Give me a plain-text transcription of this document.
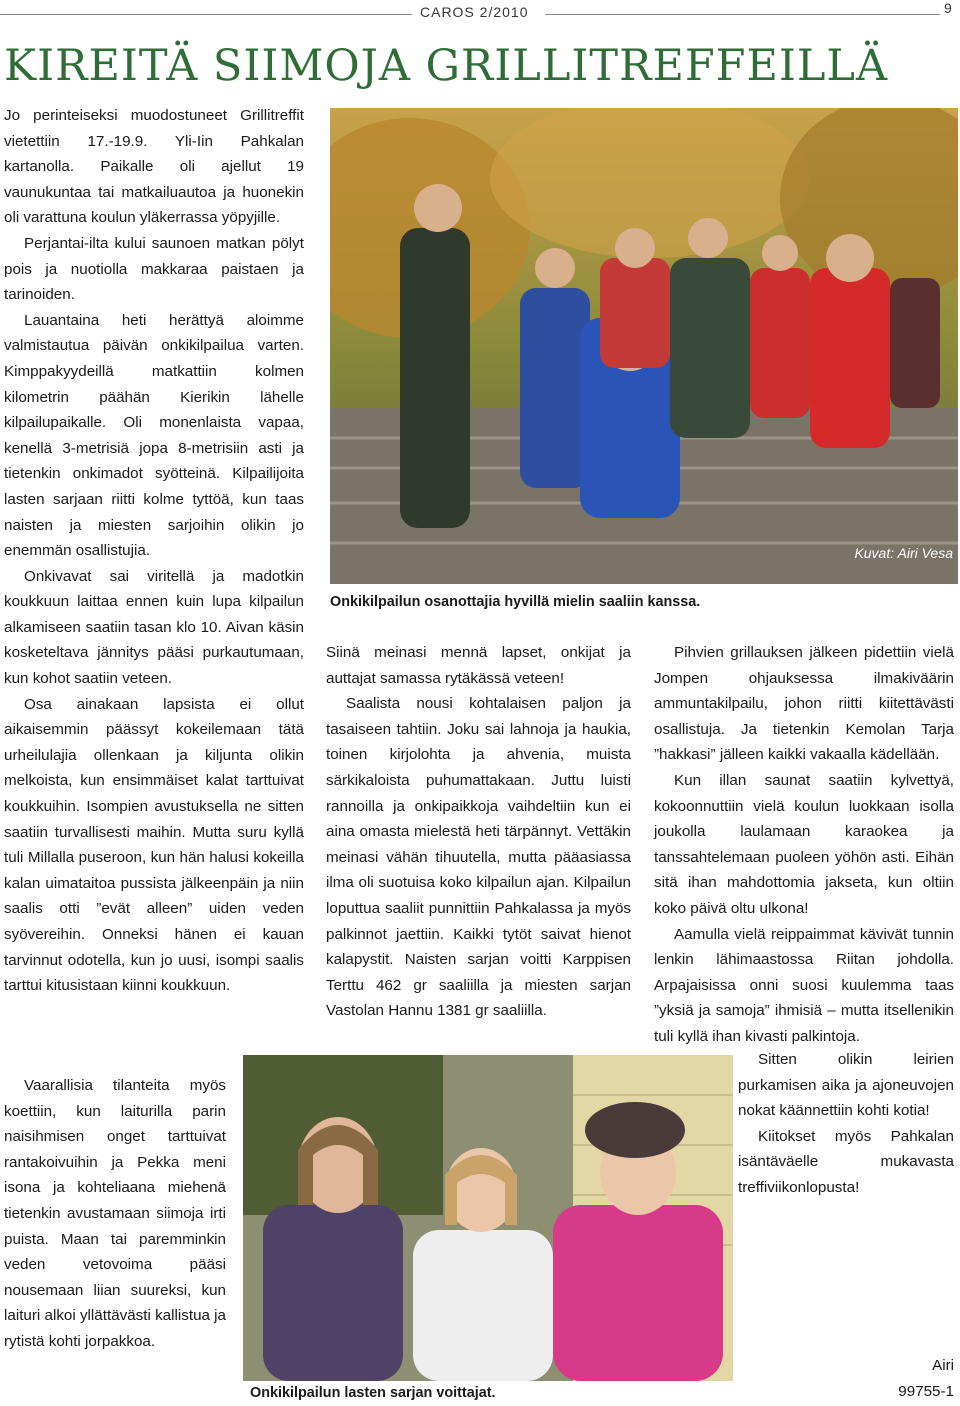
CAROS 2/2010	9
KIREITÄ SIIMOJA GRILLITREFFEILLÄ

Jo perinteiseksi muodostuneet Grillitreffit vietettiin 17.-19.9. Yli-Iin Pahkalan kartanolla. Paikalle oli ajellut 19 vaunukuntaa tai matkailuautoa ja huonekin oli varattuna koulun yläkerrassa yöpyjille.

Perjantai-ilta kului saunoen matkan pölyt pois ja nuotiolla makkaraa paistaen ja tarinoiden.

Lauantaina heti herättyä aloimme valmistautua päivän onkikilpailua varten. Kimppakyydeillä matkattiin kolmen kilometrin päähän Kierikin lähelle kilpailupaikalle. Oli monenlaista vapaa, kenellä 3-metrisiä jopa 8-metrisiin asti ja tietenkin onkimadot syötteinä. Kilpailijoita lasten sarjaan riitti kolme tyttöä, kun taas naisten ja miesten sarjoihin olikin jo enemmän osallistujia.

Onkivavat sai viritellä ja madotkin koukkuun laittaa ennen kuin lupa kilpailun alkamiseen saatiin tasan klo 10. Aivan käsin kosketeltava jännitys pääsi purkautumaan, kun kohot saatiin veteen.

Osa ainakaan lapsista ei ollut aikaisemmin päässyt kokeilemaan tätä urheilulajia ollenkaan ja kiljunta olikin melkoista, kun ensimmäiset kalat tarttuivat koukkuihin. Isompien avustuksella ne sitten saatiin turvallisesti maihin. Mutta suru kyllä tuli Millalla puseroon, kun hän halusi kokeilla kalan uimataitoa pussista jälkeenpäin ja niin saalis otti ”evät alleen” uiden veden syövereihin. Onneksi hänen ei kauan tarvinnut odotella, kun jo uusi, isompi saalis tarttui kitusistaan kiinni koukkuun.

Vaarallisia tilanteita myös koettiin, kun laiturilla parin naisihmisen onget tarttuivat rantakoivuihin ja Pekka meni isona ja kohteliaana miehenä tietenkin avustamaan siimoja irti puista. Maan tai paremminkin veden vetovoima pääsi nousemaan liian suureksi, kun laituri alkoi yllättävästi kallistua ja rytistä kohti jorpakkoa.

Kuvat: Airi Vesa
Onkikilpailun osanottajia hyvillä mielin saaliin kanssa.

Siinä meinasi mennä lapset, onkijat ja auttajat samassa rytäkässä veteen!

Saalista nousi kohtalaisen paljon ja tasaiseen tahtiin. Joku sai lahnoja ja haukia, toinen kirjolohta ja ahvenia, muista särkikaloista puhumattakaan. Juttu luisti rannoilla ja onkipaikkoja vaihdeltiin kun ei aina omasta mielestä heti tärpännyt. Vettäkin meinasi vähän tihuutella, mutta pääasiassa ilma oli suotuisa koko kilpailun ajan. Kilpailun loputtua saaliit punnittiin Pahkalassa ja myös palkinnot jaettiin. Kaikki tytöt saivat hienot kalapystit. Naisten sarjan voitti Karppisen Terttu 462 gr saaliilla ja miesten sarjan Vastolan Hannu 1381 gr saaliilla.

Pihvien grillauksen jälkeen pidettiin vielä Jompen ohjauksessa ilmakiväärin ammuntakilpailu, johon riitti kiitettävästi osallistuja. Ja tietenkin Kemolan Tarja ”hakkasi” jälleen kaikki vakaalla kädellään.

Kun illan saunat saatiin kylvettyä, kokoonnuttiin vielä koulun luokkaan isolla joukolla laulamaan karaokea ja tanssahtelemaan puoleen yöhön asti. Eihän sitä ihan mahdottomia jakseta, kun oltiin koko päivä oltu ulkona!

Aamulla vielä reippaimmat kävivät tunnin lenkin lähimaastossa Riitan johdolla. Arpajaisissa onni suosi kuulemma taas ”yksiä ja samoja” ihmisiä – mutta itsellenikin tuli kyllä ihan kivasti palkintoja.

Sitten olikin leirien purkamisen aika ja ajoneuvojen nokat käännettiin kohti kotia!

Kiitokset myös Pahkalan isäntäväelle mukavasta treffiviikonlopusta!

Onkikilpailun lasten sarjan voittajat.
Airi
99755-1
